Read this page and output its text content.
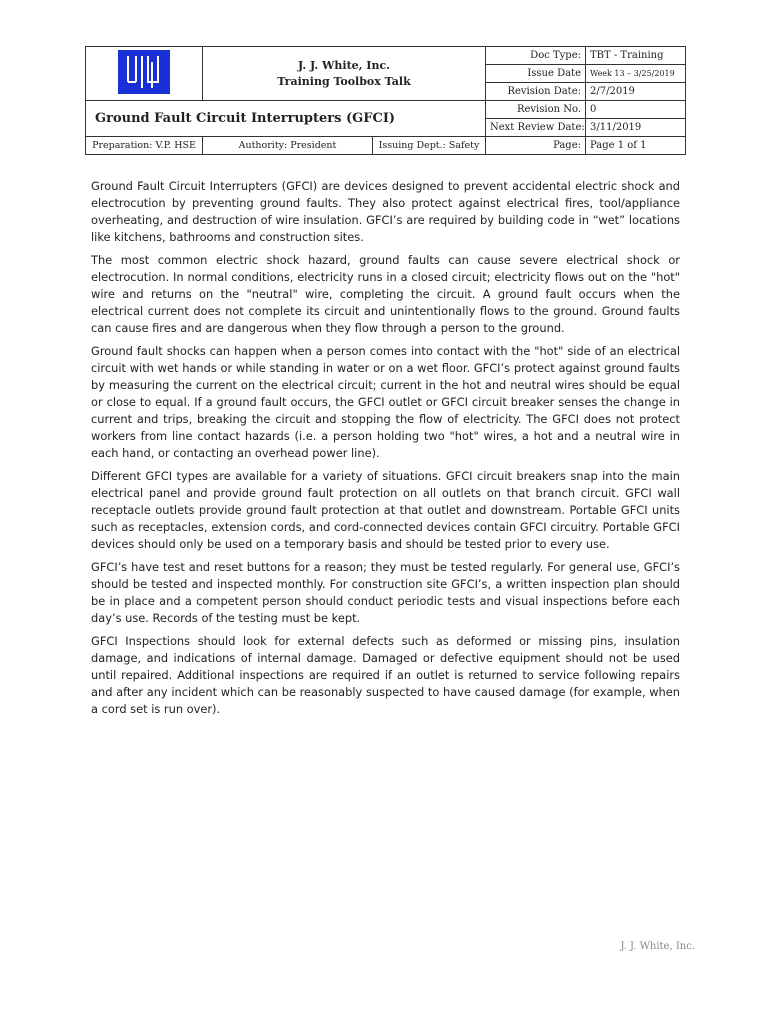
J. J. White, Inc.
Training Toolbox Talk		Doc Type:	TBT - Training
			Issue Date	Week 13 – 3/25/2019
			Revision Date:	2/7/2019
Ground Fault Circuit Interrupters (GFCI)			Revision No.	0
			Next Review Date:	3/11/2019
Preparation: V.P. HSE	Authority: President	Issuing Dept.: Safety	Page:	Page 1 of 1

Ground Fault Circuit Interrupters (GFCI) are devices designed to prevent accidental electric shock and electrocution by preventing ground faults. They also protect against electrical fires, tool/appliance overheating, and destruction of wire insulation. GFCI’s are required by building code in “wet” locations like kitchens, bathrooms and construction sites.

The most common electric shock hazard, ground faults can cause severe electrical shock or electrocution. In normal conditions, electricity runs in a closed circuit; electricity flows out on the "hot" wire and returns on the "neutral" wire, completing the circuit. A ground fault occurs when the electrical current does not complete its circuit and unintentionally flows to the ground. Ground faults can cause fires and are dangerous when they flow through a person to the ground.

Ground fault shocks can happen when a person comes into contact with the "hot" side of an electrical circuit with wet hands or while standing in water or on a wet floor. GFCI’s protect against ground faults by measuring the current on the electrical circuit; current in the hot and neutral wires should be equal or close to equal. If a ground fault occurs, the GFCI outlet or GFCI circuit breaker senses the change in current and trips, breaking the circuit and stopping the flow of electricity. The GFCI does not protect workers from line contact hazards (i.e. a person holding two "hot" wires, a hot and a neutral wire in each hand, or contacting an overhead power line).

Different GFCI types are available for a variety of situations. GFCI circuit breakers snap into the main electrical panel and provide ground fault protection on all outlets on that branch circuit. GFCI wall receptacle outlets provide ground fault protection at that outlet and downstream. Portable GFCI units such as receptacles, extension cords, and cord-connected devices contain GFCI circuitry. Portable GFCI devices should only be used on a temporary basis and should be tested prior to every use.

GFCI’s have test and reset buttons for a reason; they must be tested regularly. For general use, GFCI’s should be tested and inspected monthly. For construction site GFCI’s, a written inspection plan should be in place and a competent person should conduct periodic tests and visual inspections before each day’s use. Records of the testing must be kept.

GFCI Inspections should look for external defects such as deformed or missing pins, insulation damage, and indications of internal damage. Damaged or defective equipment should not be used until repaired. Additional inspections are required if an outlet is returned to service following repairs and after any incident which can be reasonably suspected to have caused damage (for example, when a cord set is run over).

J. J. White, Inc.
